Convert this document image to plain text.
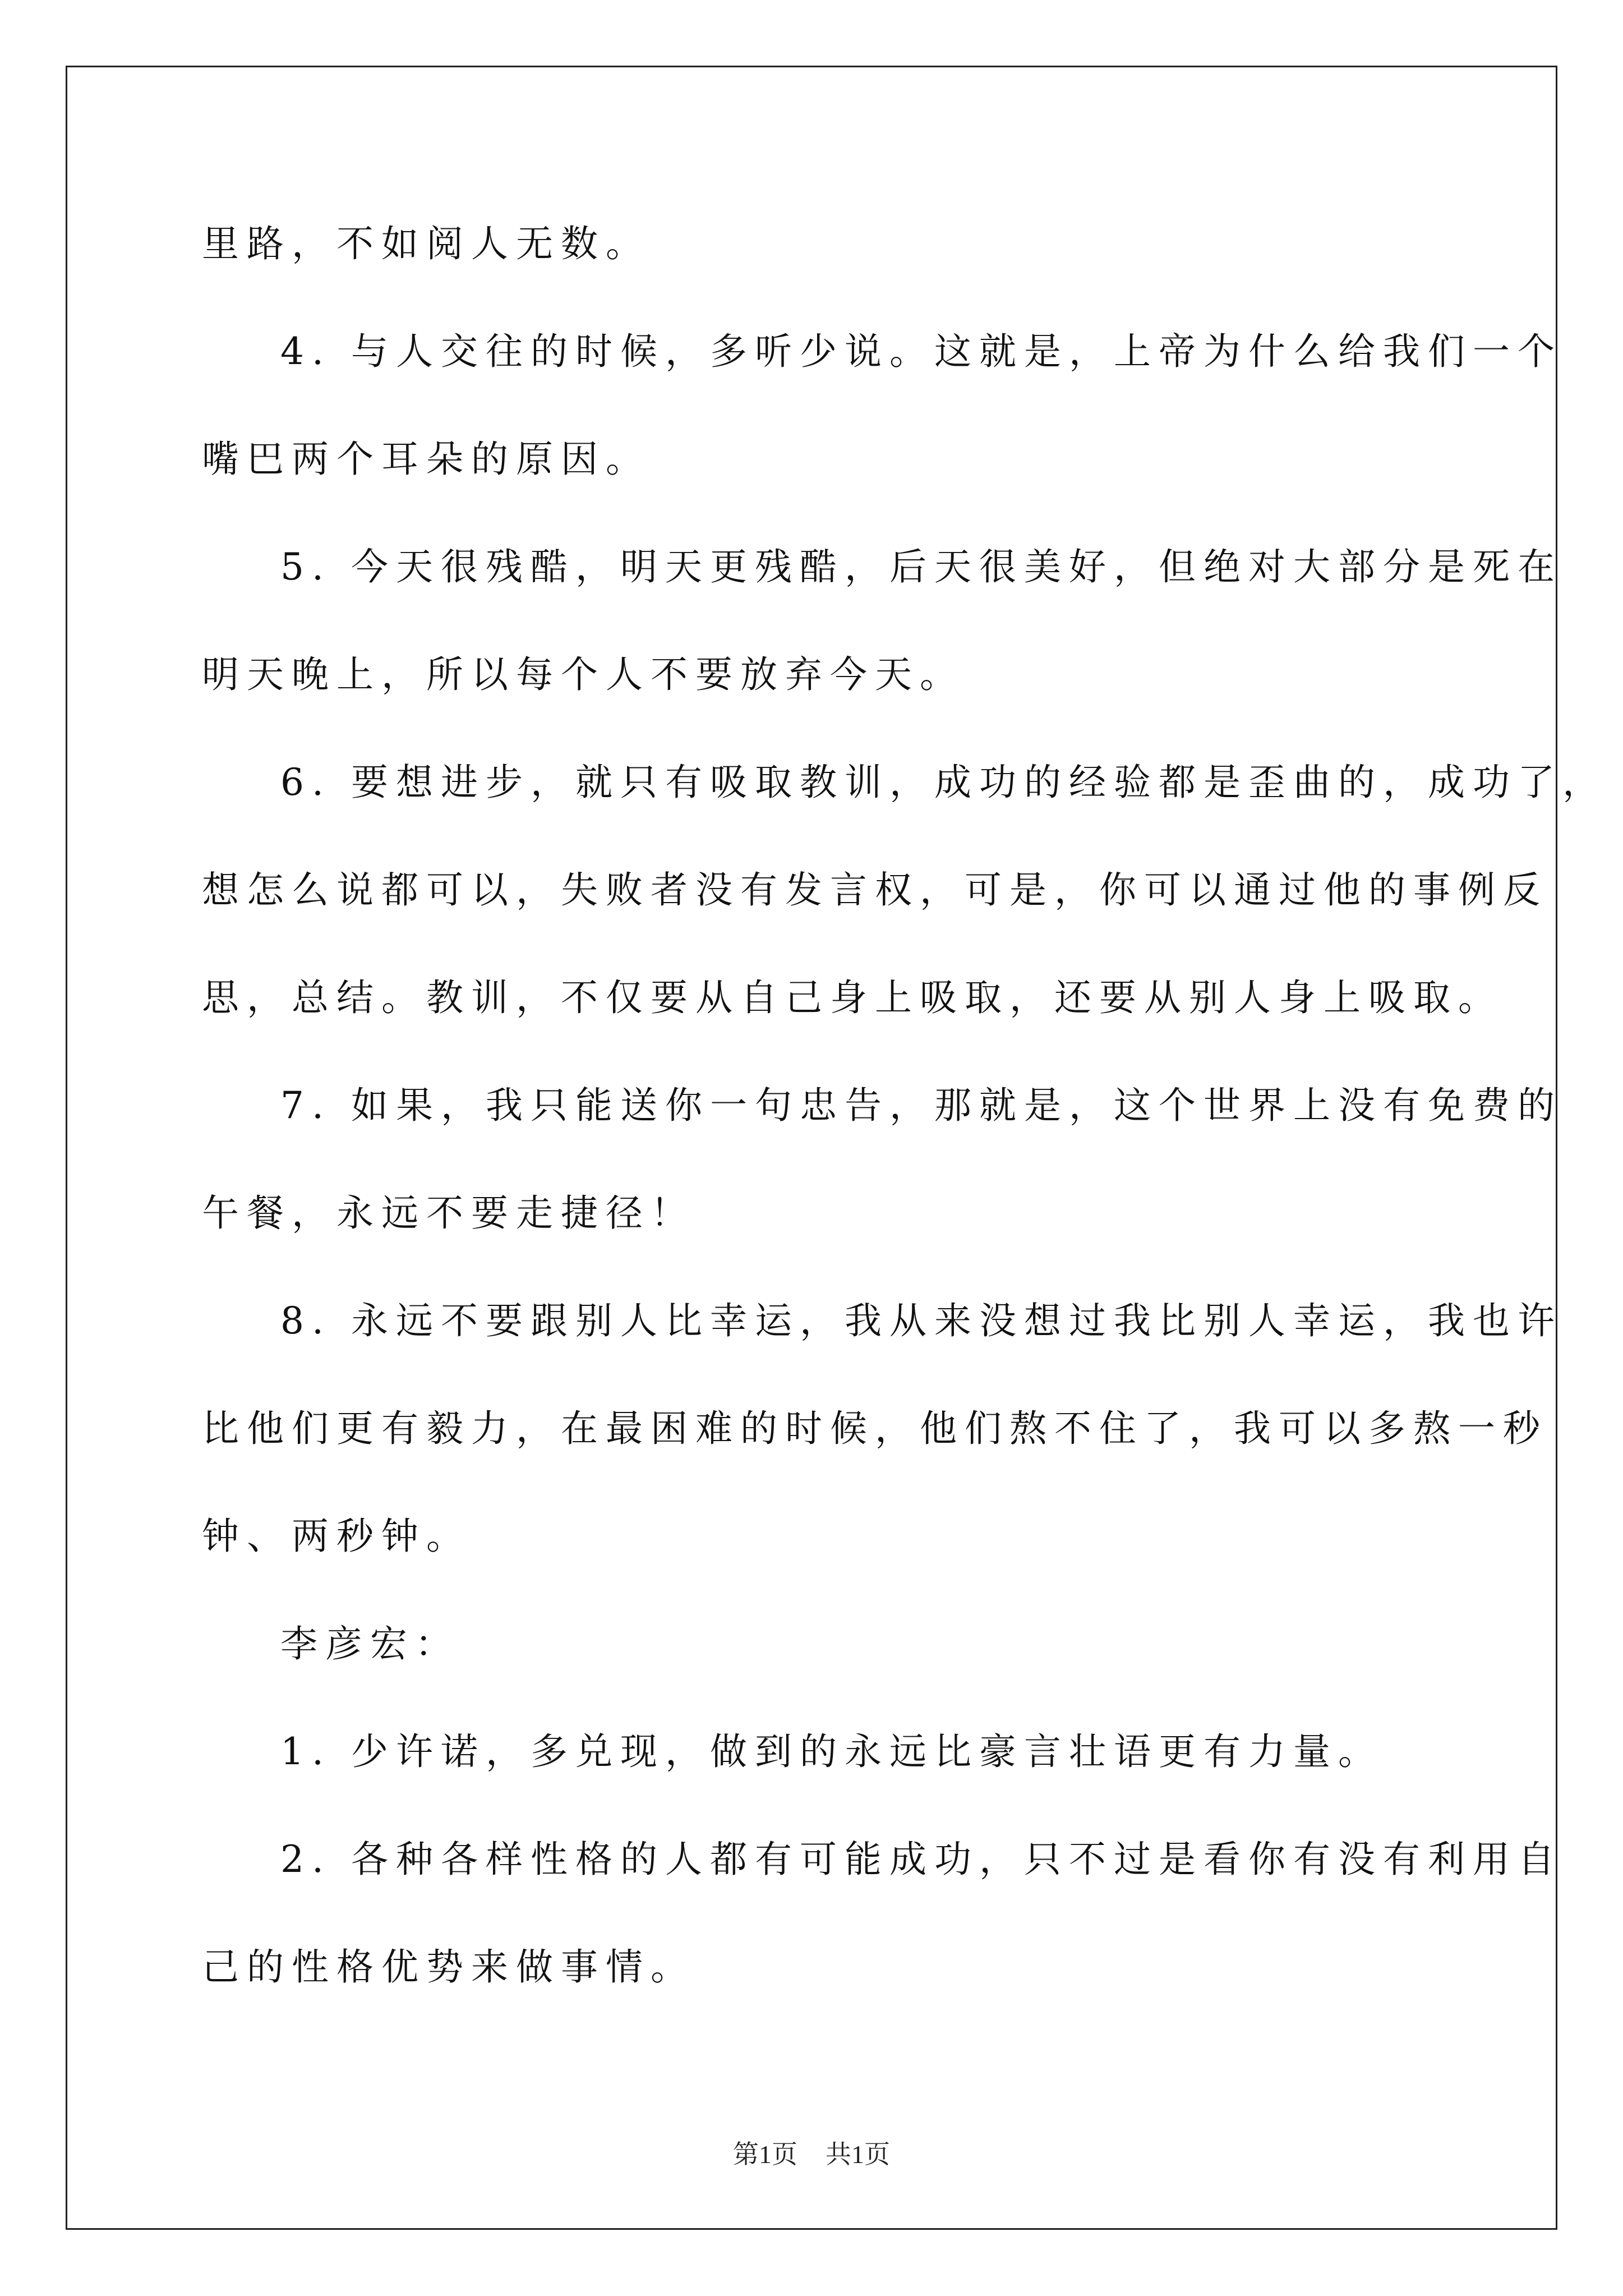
里路，不如阅人无数。
4. 与人交往的时候，多听少说。这就是，上帝为什么给我们一个
嘴巴两个耳朵的原因。
5. 今天很残酷，明天更残酷，后天很美好，但绝对大部分是死在
明天晚上，所以每个人不要放弃今天。
6. 要想进步，就只有吸取教训，成功的经验都是歪曲的，成功了，
想怎么说都可以，失败者没有发言权，可是，你可以通过他的事例反
思，总结。教训，不仅要从自己身上吸取，还要从别人身上吸取。
7. 如果，我只能送你一句忠告，那就是，这个世界上没有免费的
午餐，永远不要走捷径！
8. 永远不要跟别人比幸运，我从来没想过我比别人幸运，我也许
比他们更有毅力，在最困难的时候，他们熬不住了，我可以多熬一秒
钟、两秒钟。
李彦宏：
1. 少许诺，多兑现，做到的永远比豪言壮语更有力量。
2. 各种各样性格的人都有可能成功，只不过是看你有没有利用自
己的性格优势来做事情。
第1页 共1页
